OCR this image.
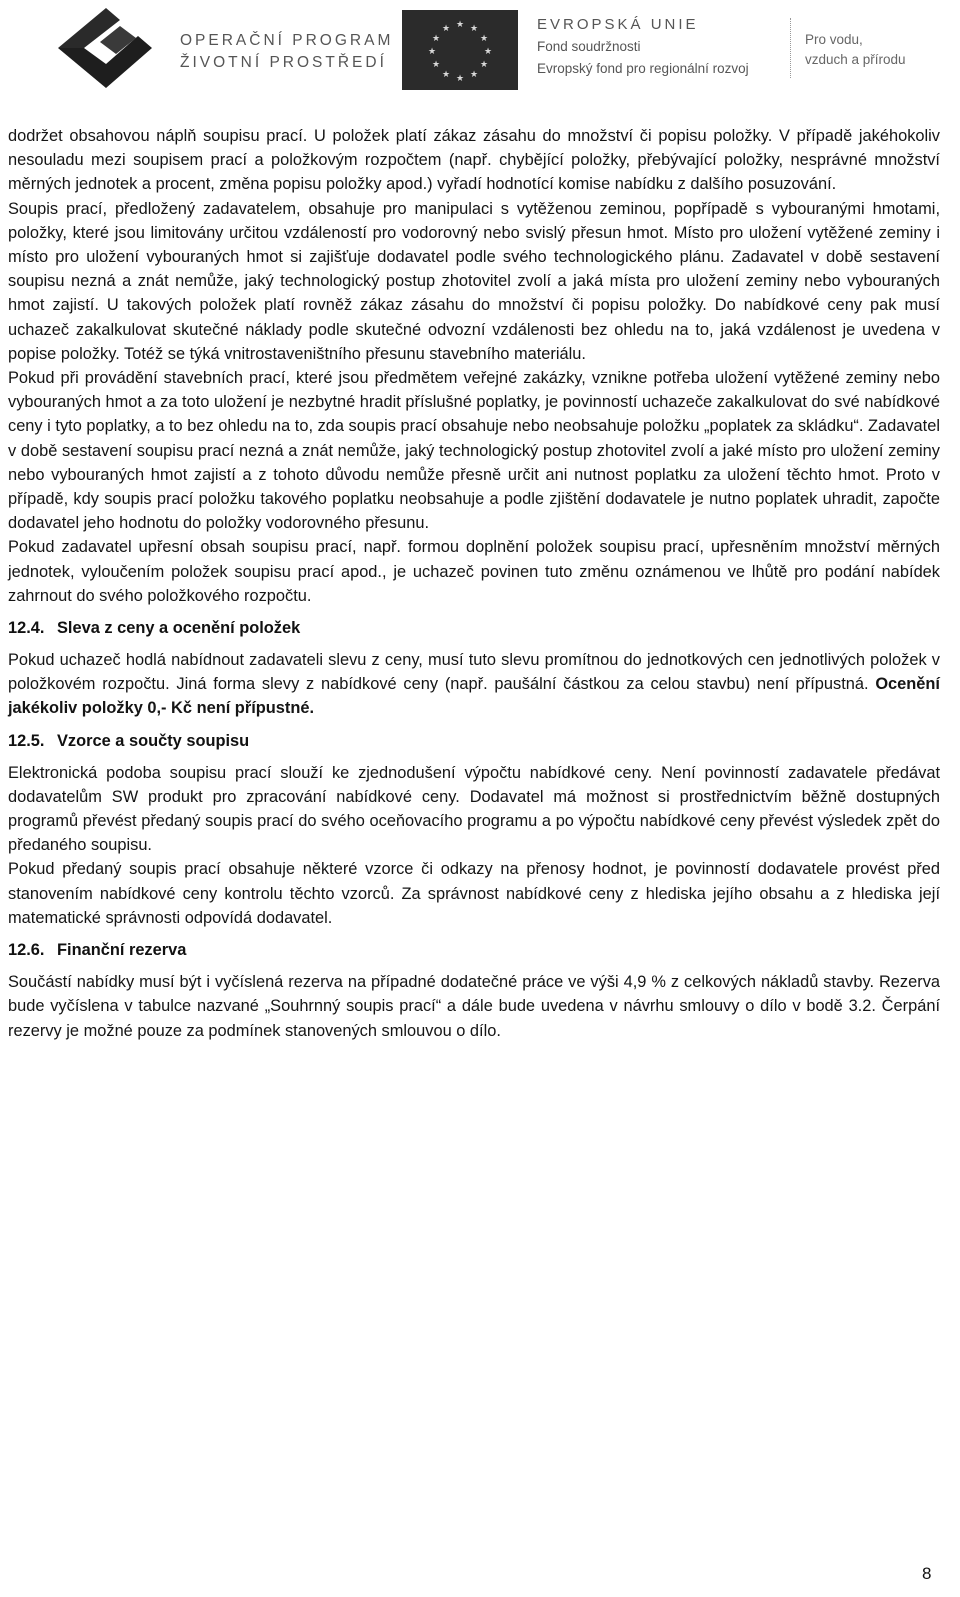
OPERAČNÍ PROGRAM
ŽIVOTNÍ PROSTŘEDÍ
★ ★
★
★
★
★
★
★
★
★
★
★	EVROPSKÁ UNIE
Fond soudržnosti
Evropský fond pro regionální rozvoj
Pro vodu,
vzduch a přírodu

dodržet obsahovou náplň soupisu prací. U položek platí zákaz zásahu do množství či popisu položky. V případě jakéhokoliv nesouladu mezi soupisem prací a položkovým rozpočtem (např. chybějící položky, přebývající položky, nesprávné množství měrných jednotek a procent, změna popisu položky apod.) vyřadí hodnotící komise nabídku z dalšího posuzování.

Soupis prací, předložený zadavatelem, obsahuje pro manipulaci s vytěženou zeminou, popřípadě s vybouranými hmotami, položky, které jsou limitovány určitou vzdáleností pro vodorovný nebo svislý přesun hmot. Místo pro uložení vytěžené zeminy i místo pro uložení vybouraných hmot si zajišťuje dodavatel podle svého technologického plánu. Zadavatel v době sestavení soupisu nezná a znát nemůže, jaký technologický postup zhotovitel zvolí a jaká místa pro uložení zeminy nebo vybouraných hmot zajistí. U takových položek platí rovněž zákaz zásahu do množství či popisu položky. Do nabídkové ceny pak musí uchazeč zakalkulovat skutečné náklady podle skutečné odvozní vzdálenosti bez ohledu na to, jaká vzdálenost je uvedena v popise položky. Totéž se týká vnitrostaveništního přesunu stavebního materiálu.

Pokud při provádění stavebních prací, které jsou předmětem veřejné zakázky, vznikne potřeba uložení vytěžené zeminy nebo vybouraných hmot a za toto uložení je nezbytné hradit příslušné poplatky, je povinností uchazeče zakalkulovat do své nabídkové ceny i tyto poplatky, a to bez ohledu na to, zda soupis prací obsahuje nebo neobsahuje položku „poplatek za skládku“. Zadavatel v době sestavení soupisu prací nezná a znát nemůže, jaký technologický postup zhotovitel zvolí a jaké místo pro uložení zeminy nebo vybouraných hmot zajistí a z tohoto důvodu nemůže přesně určit ani nutnost poplatku za uložení těchto hmot. Proto v případě, kdy soupis prací položku takového poplatku neobsahuje a podle zjištění dodavatele je nutno poplatek uhradit, započte dodavatel jeho hodnotu do položky vodorovného přesunu.

Pokud zadavatel upřesní obsah soupisu prací, např. formou doplnění položek soupisu prací, upřesněním množství měrných jednotek, vyloučením položek soupisu prací apod., je uchazeč povinen tuto změnu oznámenou ve lhůtě pro podání nabídek zahrnout do svého položkového rozpočtu.

12.4. Sleva z ceny a ocenění položek

Pokud uchazeč hodlá nabídnout zadavateli slevu z ceny, musí tuto slevu promítnou do jednotkových cen jednotlivých položek v položkovém rozpočtu. Jiná forma slevy z nabídkové ceny (např. paušální částkou za celou stavbu) není přípustná. Ocenění jakékoliv položky 0,- Kč není přípustné.

12.5. Vzorce a součty soupisu

Elektronická podoba soupisu prací slouží ke zjednodušení výpočtu nabídkové ceny. Není povinností zadavatele předávat dodavatelům SW produkt pro zpracování nabídkové ceny. Dodavatel má možnost si prostřednictvím běžně dostupných programů převést předaný soupis prací do svého oceňovacího programu a po výpočtu nabídkové ceny převést výsledek zpět do předaného soupisu.

Pokud předaný soupis prací obsahuje některé vzorce či odkazy na přenosy hodnot, je povinností dodavatele provést před stanovením nabídkové ceny kontrolu těchto vzorců. Za správnost nabídkové ceny z hlediska jejího obsahu a z hlediska její matematické správnosti odpovídá dodavatel.

12.6. Finanční rezerva

Součástí nabídky musí být i vyčíslená rezerva na případné dodatečné práce ve výši 4,9 % z celkových nákladů stavby. Rezerva bude vyčíslena v tabulce nazvané „Souhrnný soupis prací“ a dále bude uvedena v návrhu smlouvy o dílo v bodě 3.2. Čerpání rezervy je možné pouze za podmínek stanovených smlouvou o dílo.

8
